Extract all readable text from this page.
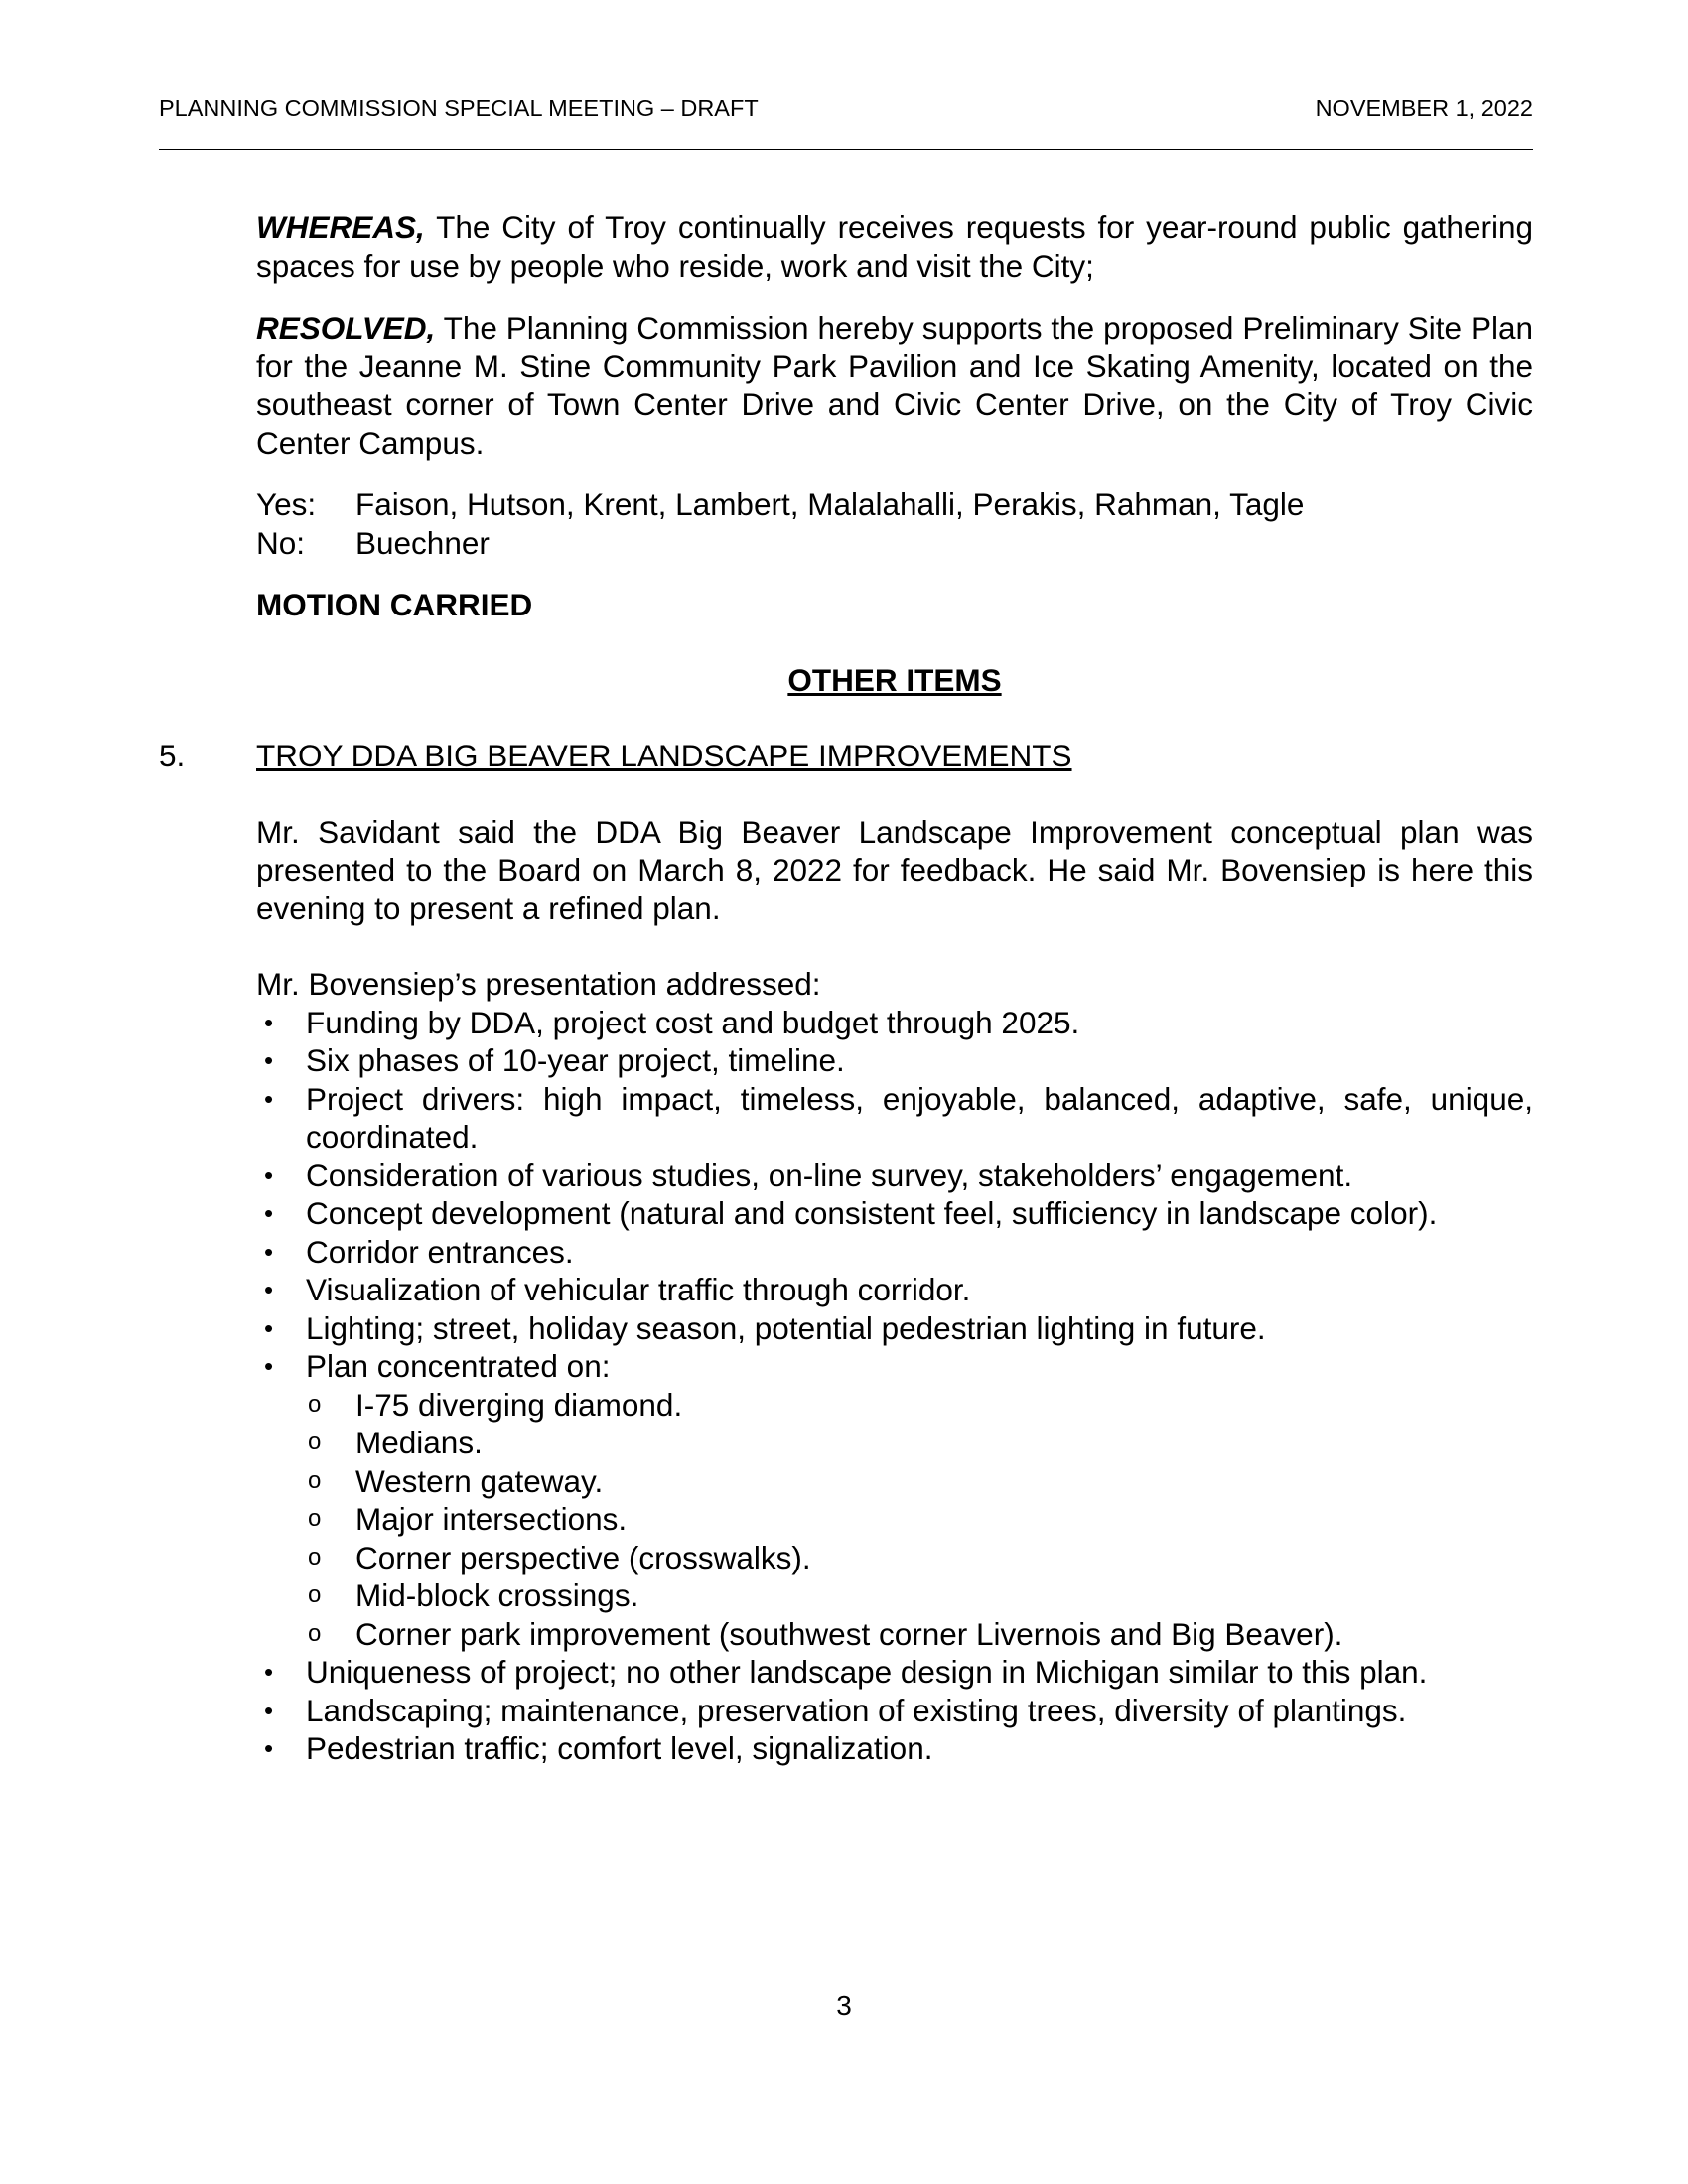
PLANNING COMMISSION SPECIAL MEETING – DRAFT	NOVEMBER 1, 2022

WHEREAS, The City of Troy continually receives requests for year-round public gathering spaces for use by people who reside, work and visit the City;

RESOLVED, The Planning Commission hereby supports the proposed Preliminary Site Plan for the Jeanne M. Stine Community Park Pavilion and Ice Skating Amenity, located on the southeast corner of Town Center Drive and Civic Center Drive, on the City of Troy Civic Center Campus.

Yes:	Faison, Hutson, Krent, Lambert, Malalahalli, Perakis, Rahman, Tagle
No:	Buechner

MOTION CARRIED

OTHER ITEMS

5. TROY DDA BIG BEAVER LANDSCAPE IMPROVEMENTS

Mr. Savidant said the DDA Big Beaver Landscape Improvement conceptual plan was presented to the Board on March 8, 2022 for feedback. He said Mr. Bovensiep is here this evening to present a refined plan.

Mr. Bovensiep’s presentation addressed:

• Funding by DDA, project cost and budget through 2025.
• Six phases of 10-year project, timeline.
• Project drivers: high impact, timeless, enjoyable, balanced, adaptive, safe, unique, coordinated.
• Consideration of various studies, on-line survey, stakeholders’ engagement.
• Concept development (natural and consistent feel, sufficiency in landscape color).
• Corridor entrances.
• Visualization of vehicular traffic through corridor.
• Lighting; street, holiday season, potential pedestrian lighting in future.
• Plan concentrated on:
o I-75 diverging diamond.
o Medians.
o Western gateway.
o Major intersections.
o Corner perspective (crosswalks).
o Mid-block crossings.
o Corner park improvement (southwest corner Livernois and Big Beaver).
• Uniqueness of project; no other landscape design in Michigan similar to this plan.
• Landscaping; maintenance, preservation of existing trees, diversity of plantings.
• Pedestrian traffic; comfort level, signalization.
3
